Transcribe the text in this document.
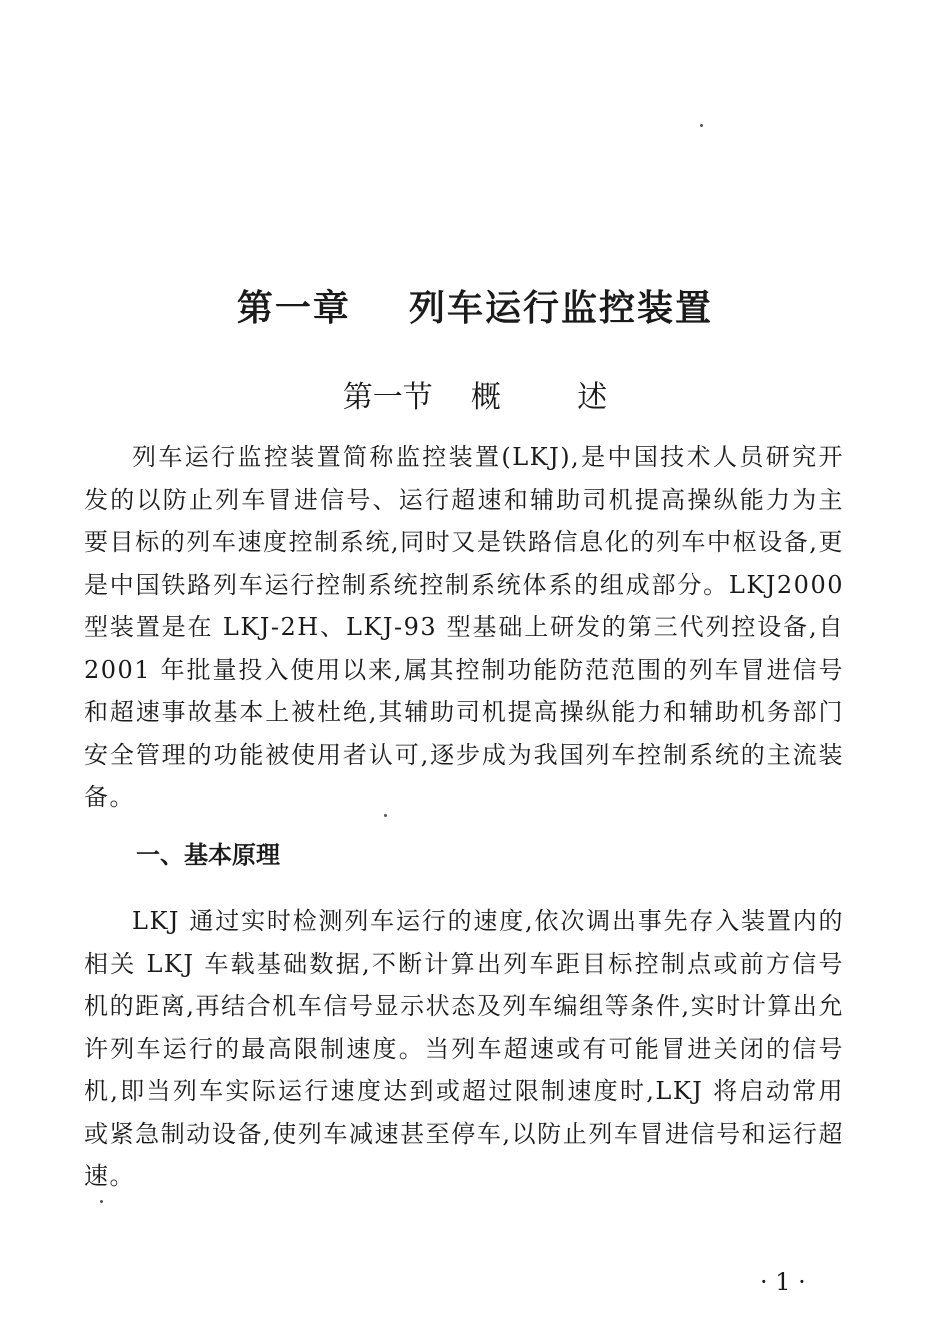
第一章    列车运行监控装置
第一节    概        述

列车运行监控装置简称监控装置(LKJ),是中国技术人员研究开发的以防止列车冒进信号、运行超速和辅助司机提高操纵能力为主要目标的列车速度控制系统,同时又是铁路信息化的列车中枢设备,更是中国铁路列车运行控制系统控制系统体系的组成部分。LKJ2000 型装置是在 LKJ-2H、LKJ-93 型基础上研发的第三代列控设备,自 2001 年批量投入使用以来,属其控制功能防范范围的列车冒进信号和超速事故基本上被杜绝,其辅助司机提高操纵能力和辅助机务部门安全管理的功能被使用者认可,逐步成为我国列车控制系统的主流装备。

一、基本原理

LKJ 通过实时检测列车运行的速度,依次调出事先存入装置内的相关 LKJ 车载基础数据,不断计算出列车距目标控制点或前方信号机的距离,再结合机车信号显示状态及列车编组等条件,实时计算出允许列车运行的最高限制速度。当列车超速或有可能冒进关闭的信号机,即当列车实际运行速度达到或超过限制速度时,LKJ 将启动常用或紧急制动设备,使列车减速甚至停车,以防止列车冒进信号和运行超速。

· 1 ·
